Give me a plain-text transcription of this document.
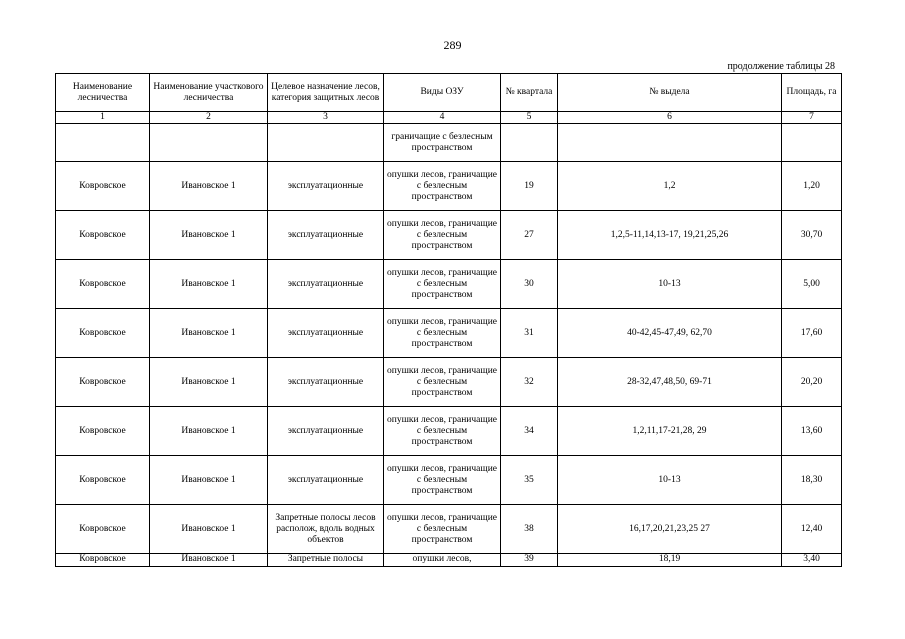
289
продолжение таблицы 28
Наименование лесничества	Наименование участкового лесничества	Целевое назначение лесов, категория защитных лесов	Виды ОЗУ	№ квартала	№ выдела	Площадь, га
1	2	3	4	5	6	7
			граничащие с безлесным пространством			
Ковровское	Ивановское 1	эксплуатационные	опушки лесов, граничащие с безлесным пространством	19	1,2	1,20
Ковровское	Ивановское 1	эксплуатационные	опушки лесов, граничащие с безлесным пространством	27	1,2,5-11,14,13-17, 19,21,25,26	30,70
Ковровское	Ивановское 1	эксплуатационные	опушки лесов, граничащие с безлесным пространством	30	10-13	5,00
Ковровское	Ивановское 1	эксплуатационные	опушки лесов, граничащие с безлесным пространством	31	40-42,45-47,49, 62,70	17,60
Ковровское	Ивановское 1	эксплуатационные	опушки лесов, граничащие с безлесным пространством	32	28-32,47,48,50, 69-71	20,20
Ковровское	Ивановское 1	эксплуатационные	опушки лесов, граничащие с безлесным пространством	34	1,2,11,17-21,28, 29	13,60
Ковровское	Ивановское 1	эксплуатационные	опушки лесов, граничащие с безлесным пространством	35	10-13	18,30
Ковровское	Ивановское 1	Запретные полосы лесов располож, вдоль водных объектов	опушки лесов, граничащие с безлесным пространством	38	16,17,20,21,23,25 27	12,40
Ковровское	Ивановское 1	Запретные полосы	опушки лесов,	39	18,19	3,40
